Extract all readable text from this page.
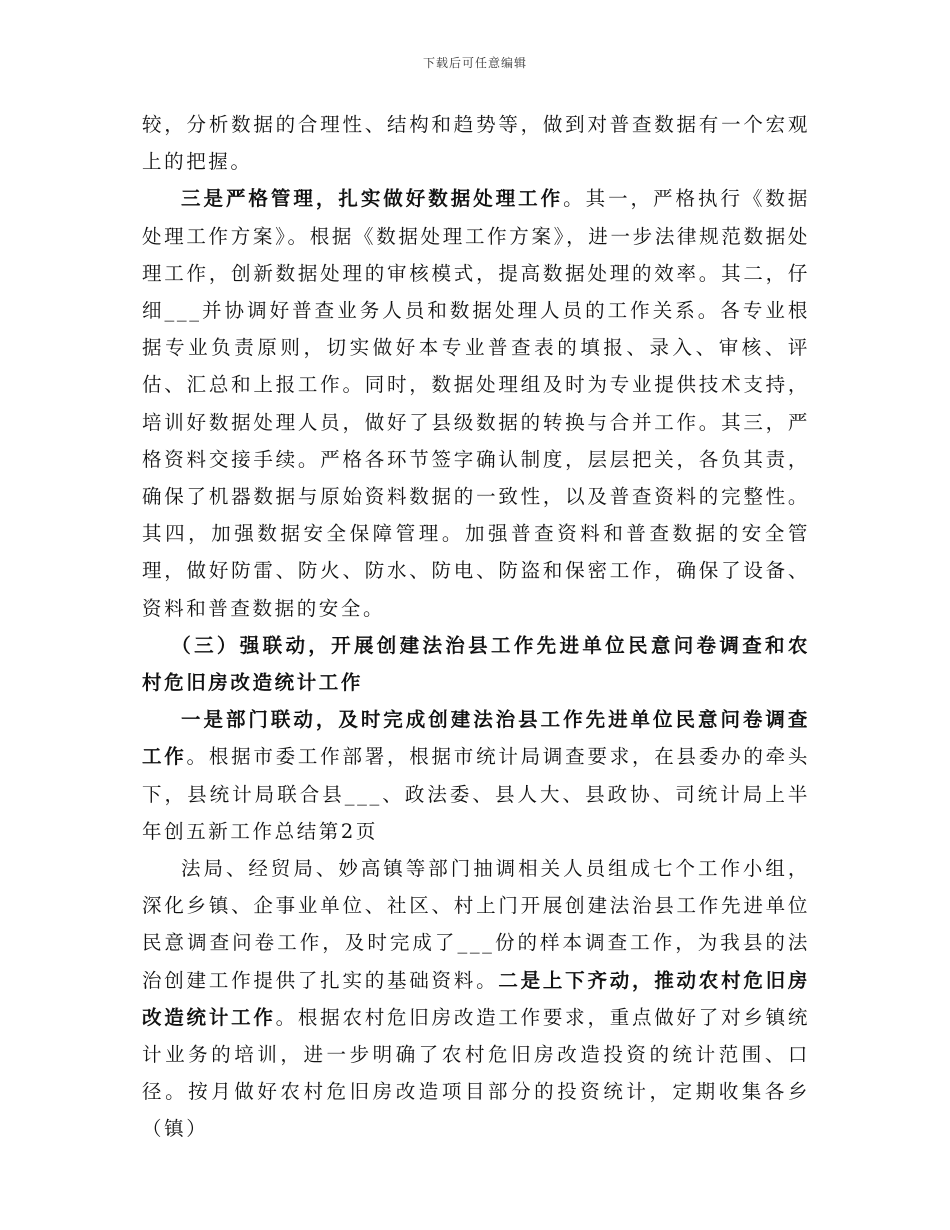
下载后可任意编辑

较，分析数据的合理性、结构和趋势等，做到对普查数据有一个宏观上的把握。

三是严格管理，扎实做好数据处理工作。其一，严格执行《数据处理工作方案》。根据《数据处理工作方案》，进一步法律规范数据处理工作，创新数据处理的审核模式，提高数据处理的效率。其二，仔细___并协调好普查业务人员和数据处理人员的工作关系。各专业根据专业负责原则，切实做好本专业普查表的填报、录入、审核、评估、汇总和上报工作。同时，数据处理组及时为专业提供技术支持，培训好数据处理人员，做好了县级数据的转换与合并工作。其三，严格资料交接手续。严格各环节签字确认制度，层层把关，各负其责，确保了机器数据与原始资料数据的一致性，以及普查资料的完整性。其四，加强数据安全保障管理。加强普查资料和普查数据的安全管理，做好防雷、防火、防水、防电、防盗和保密工作，确保了设备、资料和普查数据的安全。

（三）强联动，开展创建法治县工作先进单位民意问卷调查和农村危旧房改造统计工作

一是部门联动，及时完成创建法治县工作先进单位民意问卷调查工作。根据市委工作部署，根据市统计局调查要求，在县委办的牵头下，县统计局联合县___、政法委、县人大、县政协、司统计局上半年创五新工作总结第2页

法局、经贸局、妙高镇等部门抽调相关人员组成七个工作小组，深化乡镇、企事业单位、社区、村上门开展创建法治县工作先进单位民意调查问卷工作，及时完成了___份的样本调查工作，为我县的法治创建工作提供了扎实的基础资料。二是上下齐动，推动农村危旧房改造统计工作。根据农村危旧房改造工作要求，重点做好了对乡镇统计业务的培训，进一步明确了农村危旧房改造投资的统计范围、口径。按月做好农村危旧房改造项目部分的投资统计，定期收集各乡（镇）
